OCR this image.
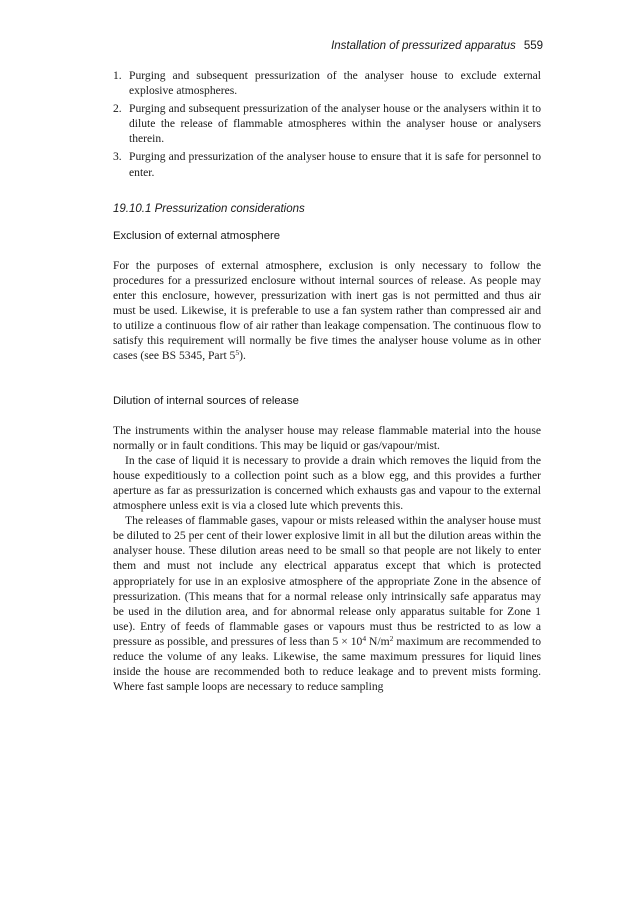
Installation of pressurized apparatus 559
1. Purging and subsequent pressurization of the analyser house to exclude external explosive atmospheres.
2. Purging and subsequent pressurization of the analyser house or the analysers within it to dilute the release of flammable atmospheres within the analyser house or analysers therein.
3. Purging and pressurization of the analyser house to ensure that it is safe for personnel to enter.
19.10.1 Pressurization considerations
Exclusion of external atmosphere

For the purposes of external atmosphere, exclusion is only necessary to follow the procedures for a pressurized enclosure without internal sources of release. As people may enter this enclosure, however, pressurization with inert gas is not permitted and thus air must be used. Likewise, it is preferable to use a fan system rather than compressed air and to utilize a continuous flow of air rather than leakage compensation. The continuous flow to satisfy this requirement will normally be five times the analyser house volume as in other cases (see BS 5345, Part $5^5$).

Dilution of internal sources of release

The instruments within the analyser house may release flammable material into the house normally or in fault conditions. This may be liquid or gas/vapour/mist.

In the case of liquid it is necessary to provide a drain which removes the liquid from the house expeditiously to a collection point such as a blow egg, and this provides a further aperture as far as pressurization is concerned which exhausts gas and vapour to the external atmosphere unless exit is via a closed lute which prevents this.

The releases of flammable gases, vapour or mists released within the analyser house must be diluted to 25 per cent of their lower explosive limit in all but the dilution areas within the analyser house. These dilution areas need to be small so that people are not likely to enter them and must not include any electrical apparatus except that which is protected appropriately for use in an explosive atmosphere of the appropriate Zone in the absence of pressurization. (This means that for a normal release only intrinsically safe apparatus may be used in the dilution area, and for abnormal release only apparatus suitable for Zone 1 use). Entry of feeds of flammable gases or vapours must thus be restricted to as low a pressure as possible, and pressures of less than $5 \times 10^4$ $N/m^2$ maximum are recommended to reduce the volume of any leaks. Likewise, the same maximum pressures for liquid lines inside the house are recommended both to reduce leakage and to prevent mists forming. Where fast sample loops are necessary to reduce sampling
